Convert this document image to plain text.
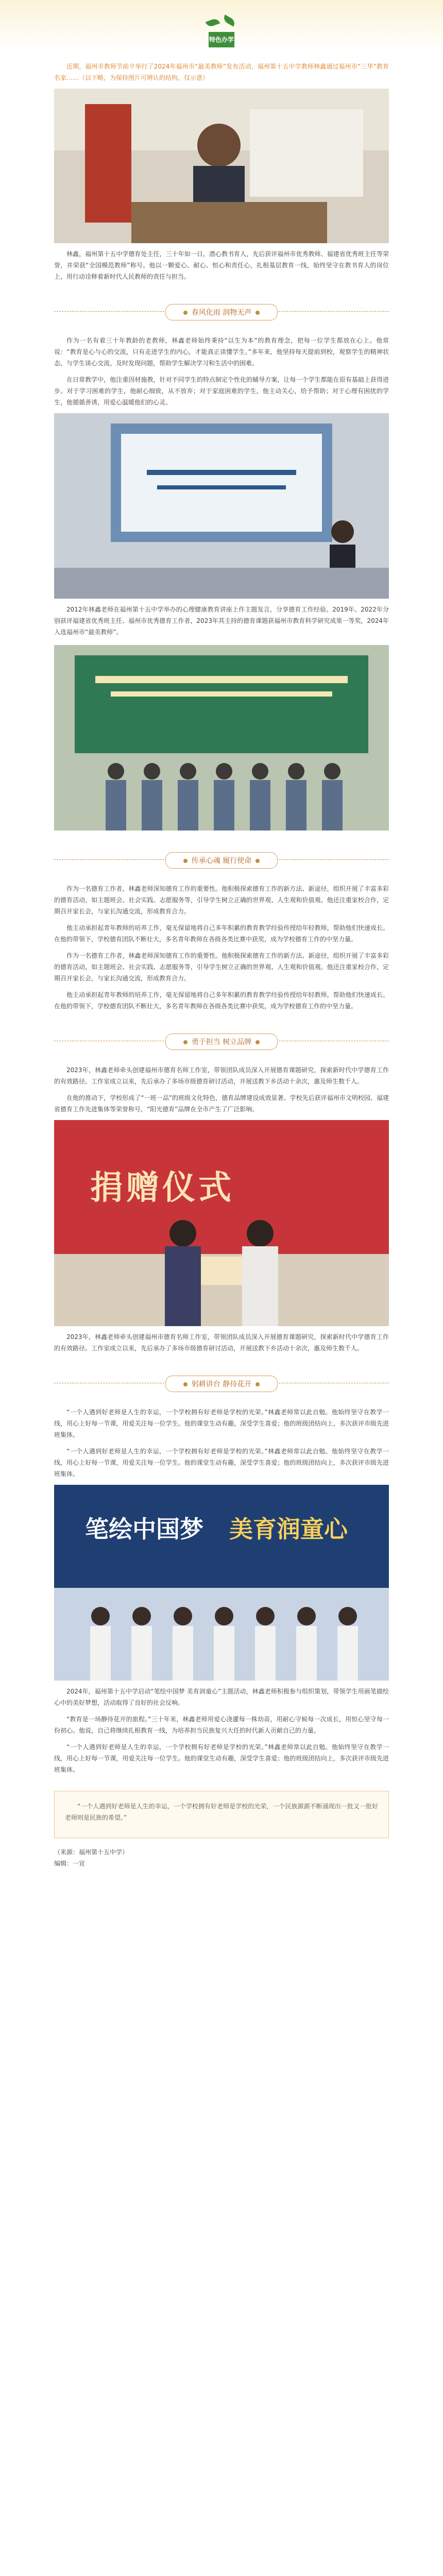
特色办学

近期，福州市教师节前夕举行了2024年福州市“最美教师”发布活动，福州第十五中学教师林鑫通过福州市“三华”教育名家……（以下略，为保持图片可辨认的结构，仅示意）

林鑫，福州第十五中学德育处主任，三十年如一日，潜心教书育人，先后获评福州市优秀教师、福建省优秀班主任等荣誉，并荣获“全国模范教师”称号。他以一颗爱心、耐心、恒心和责任心，扎根基层教育一线，始终坚守在教书育人的岗位上，用行动诠释着新时代人民教师的责任与担当。

春风化雨 润物无声

作为一名有着三十年教龄的老教师，林鑫老师始终秉持“以生为本”的教育理念，把每一位学生都放在心上。他常说：“教育是心与心的交流，只有走进学生的内心，才能真正读懂学生。”多年来，他坚持每天提前到校，观察学生的精神状态，与学生谈心交流，及时发现问题，帮助学生解决学习和生活中的困难。

在日常教学中，他注重因材施教，针对不同学生的特点制定个性化的辅导方案，让每一个学生都能在原有基础上获得进步。对于学习困难的学生，他耐心细致，从不放弃；对于家庭困难的学生，他主动关心，给予帮助；对于心理有困扰的学生，他循循善诱，用爱心温暖他们的心灵。

2012年林鑫老师在福州第十五中学举办的心理健康教育讲座上作主题发言，分享德育工作经验。2019年、2022年分别获评福建省优秀班主任、福州市优秀德育工作者，2023年其主持的德育课题获福州市教育科学研究成果一等奖，2024年入选福州市“最美教师”。

传承心魂 履行使命

作为一名德育工作者，林鑫老师深知德育工作的重要性。他积极探索德育工作的新方法、新途径，组织开展了丰富多彩的德育活动，如主题班会、社会实践、志愿服务等，引导学生树立正确的世界观、人生观和价值观。他还注重家校合作，定期召开家长会，与家长沟通交流，形成教育合力。

他主动承担起青年教师的培养工作，毫无保留地将自己多年积累的教育教学经验传授给年轻教师，帮助他们快速成长。在他的带领下，学校德育团队不断壮大，多名青年教师在各级各类比赛中获奖，成为学校德育工作的中坚力量。

作为一名德育工作者，林鑫老师深知德育工作的重要性。他积极探索德育工作的新方法、新途径，组织开展了丰富多彩的德育活动，如主题班会、社会实践、志愿服务等，引导学生树立正确的世界观、人生观和价值观。他还注重家校合作，定期召开家长会，与家长沟通交流，形成教育合力。

他主动承担起青年教师的培养工作，毫无保留地将自己多年积累的教育教学经验传授给年轻教师，帮助他们快速成长。在他的带领下，学校德育团队不断壮大，多名青年教师在各级各类比赛中获奖，成为学校德育工作的中坚力量。

勇于担当 树立品牌

2023年，林鑫老师牵头创建福州市德育名师工作室，带领团队成员深入开展德育课题研究，探索新时代中学德育工作的有效路径。工作室成立以来，先后承办了多场市级德育研讨活动，开展送教下乡活动十余次，惠及师生数千人。

在他的推动下，学校形成了“一班一品”的班级文化特色，德育品牌建设成效显著。学校先后获评福州市文明校园、福建省德育工作先进集体等荣誉称号，“阳光德育”品牌在全市产生了广泛影响。

捐赠仪式

2023年，林鑫老师牵头创建福州市德育名师工作室，带领团队成员深入开展德育课题研究，探索新时代中学德育工作的有效路径。工作室成立以来，先后承办了多场市级德育研讨活动，开展送教下乡活动十余次，惠及师生数千人。

躬耕讲台 静待花开

“一个人遇到好老师是人生的幸运，一个学校拥有好老师是学校的光荣。”林鑫老师常以此自勉。他始终坚守在教学一线，用心上好每一节课，用爱关注每一位学生。他的课堂生动有趣，深受学生喜爱；他的班级团结向上，多次获评市级先进班集体。

“一个人遇到好老师是人生的幸运，一个学校拥有好老师是学校的光荣。”林鑫老师常以此自勉。他始终坚守在教学一线，用心上好每一节课，用爱关注每一位学生。他的课堂生动有趣，深受学生喜爱；他的班级团结向上，多次获评市级先进班集体。

笔绘中国梦 美育润童心

2024年，福州第十五中学启动“笔绘中国梦 美育润童心”主题活动，林鑫老师积极参与组织策划，带领学生用画笔描绘心中的美好梦想，活动取得了良好的社会反响。

“教育是一场静待花开的旅程。”三十年来，林鑫老师用爱心浇灌每一株幼苗，用耐心守候每一次成长，用恒心坚守每一份初心。他说，自己将继续扎根教育一线，为培养担当民族复兴大任的时代新人贡献自己的力量。

“一个人遇到好老师是人生的幸运，一个学校拥有好老师是学校的光荣。”林鑫老师常以此自勉。他始终坚守在教学一线，用心上好每一节课，用爱关注每一位学生。他的课堂生动有趣，深受学生喜爱；他的班级团结向上，多次获评市级先进班集体。

“一个人遇到好老师是人生的幸运，一个学校拥有好老师是学校的光荣，一个民族源源不断涌现出一批又一批好老师则是民族的希望。”

（来源：福州第十五中学）
编辑：一宣
